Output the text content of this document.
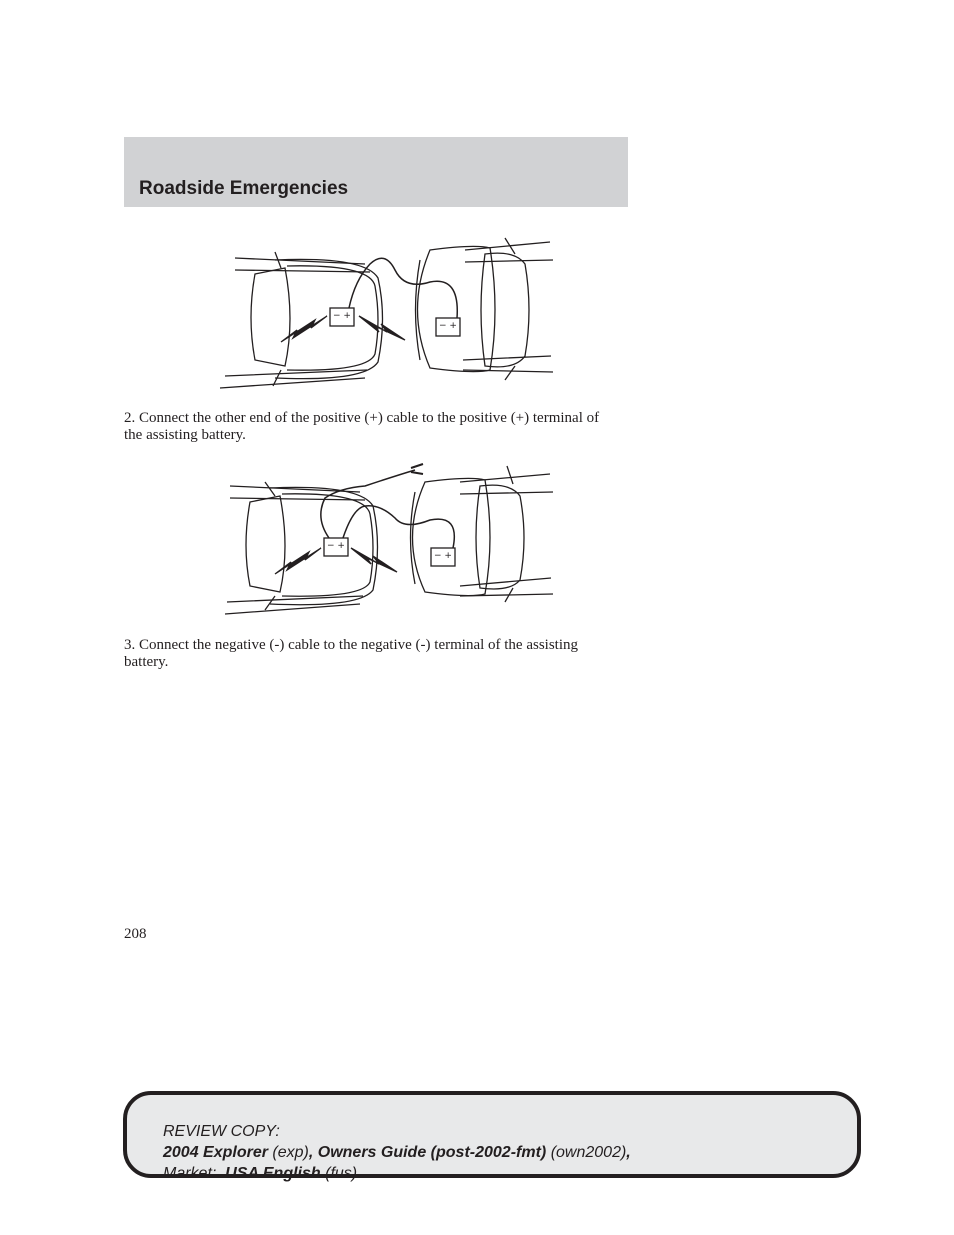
Roadside Emergencies
− +
− +

2. Connect the other end of the positive (+) cable to the positive (+) terminal of the assisting battery.

− +
− +

3. Connect the negative (-) cable to the negative (-) terminal of the assisting battery.

208
REVIEW COPY:
2004 Explorer (exp), Owners Guide (post-2002-fmt) (own2002),
Market: USA English (fus)
